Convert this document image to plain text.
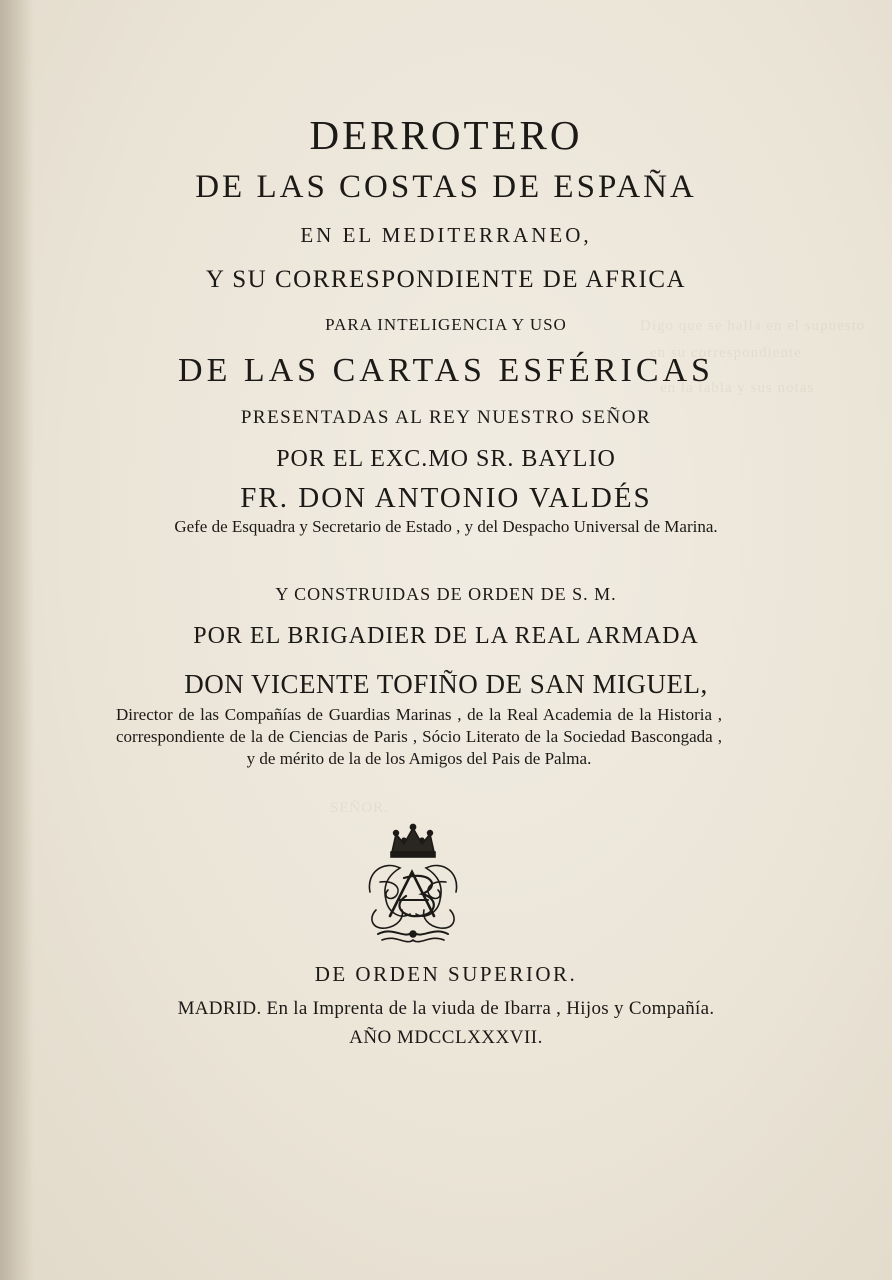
Digo que se halla en el supuesto
en su correspondiente
en la tabla y sus notas
SEÑOR.
DERROTERO
DE LAS COSTAS DE ESPAÑA
EN EL MEDITERRANEO,
Y SU CORRESPONDIENTE DE AFRICA
PARA INTELIGENCIA Y USO
DE LAS CARTAS ESFÉRICAS
PRESENTADAS AL REY NUESTRO SEÑOR
POR EL EXC.MO SR. BAYLIO
FR. DON ANTONIO VALDÉS
Gefe de Esquadra y Secretario de Estado , y del Despacho Universal de Marina.
Y CONSTRUIDAS DE ORDEN DE S. M.
POR EL BRIGADIER DE LA REAL ARMADA
DON VICENTE TOFIÑO DE SAN MIGUEL,
Director de las Compañías de Guardias Marinas , de la Real Academia de la Historia , correspondiente de la de Ciencias de Paris , Sócio Literato de la Sociedad Bascongada , y de mérito de la de los Amigos del Pais de Palma.
DE ORDEN SUPERIOR.
MADRID. En la Imprenta de la viuda de Ibarra , Hijos y Compañía.
AÑO MDCCLXXXVII.
